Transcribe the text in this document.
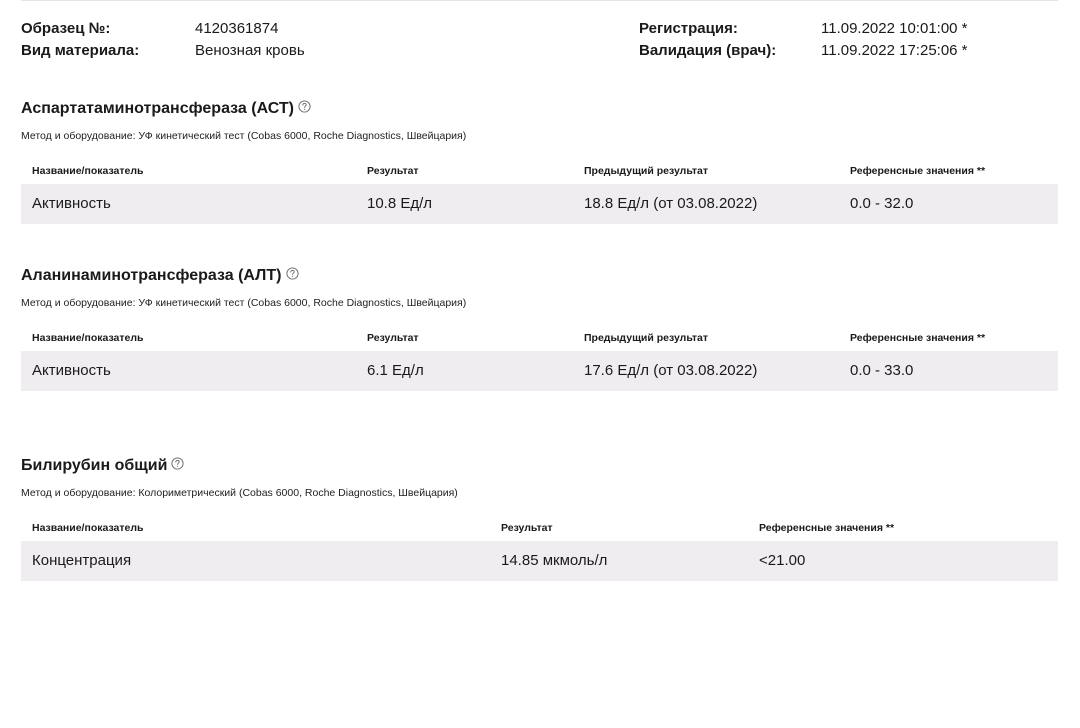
Образец №:	4120361874
Вид материала:	Венозная кровь
Регистрация:	11.09.2022 10:01:00 *
Валидация (врач):	11.09.2022 17:25:06 *
Аспартатаминотрансфераза (АСТ)
Метод и оборудование: УФ кинетический тест (Cobas 6000, Roche Diagnostics, Швейцария)
Название/показатель	Результат	Предыдущий результат	Референсные значения **
Активность	10.8 Ед/л	18.8 Ед/л (от 03.08.2022)	0.0 - 32.0
Аланинаминотрансфераза (АЛТ)
Метод и оборудование: УФ кинетический тест (Cobas 6000, Roche Diagnostics, Швейцария)
Название/показатель	Результат	Предыдущий результат	Референсные значения **
Активность	6.1 Ед/л	17.6 Ед/л (от 03.08.2022)	0.0 - 33.0
Билирубин общий
Метод и оборудование: Колориметрический (Cobas 6000, Roche Diagnostics, Швейцария)
Название/показатель	Результат	Референсные значения **
Концентрация	14.85 мкмоль/л	<21.00
